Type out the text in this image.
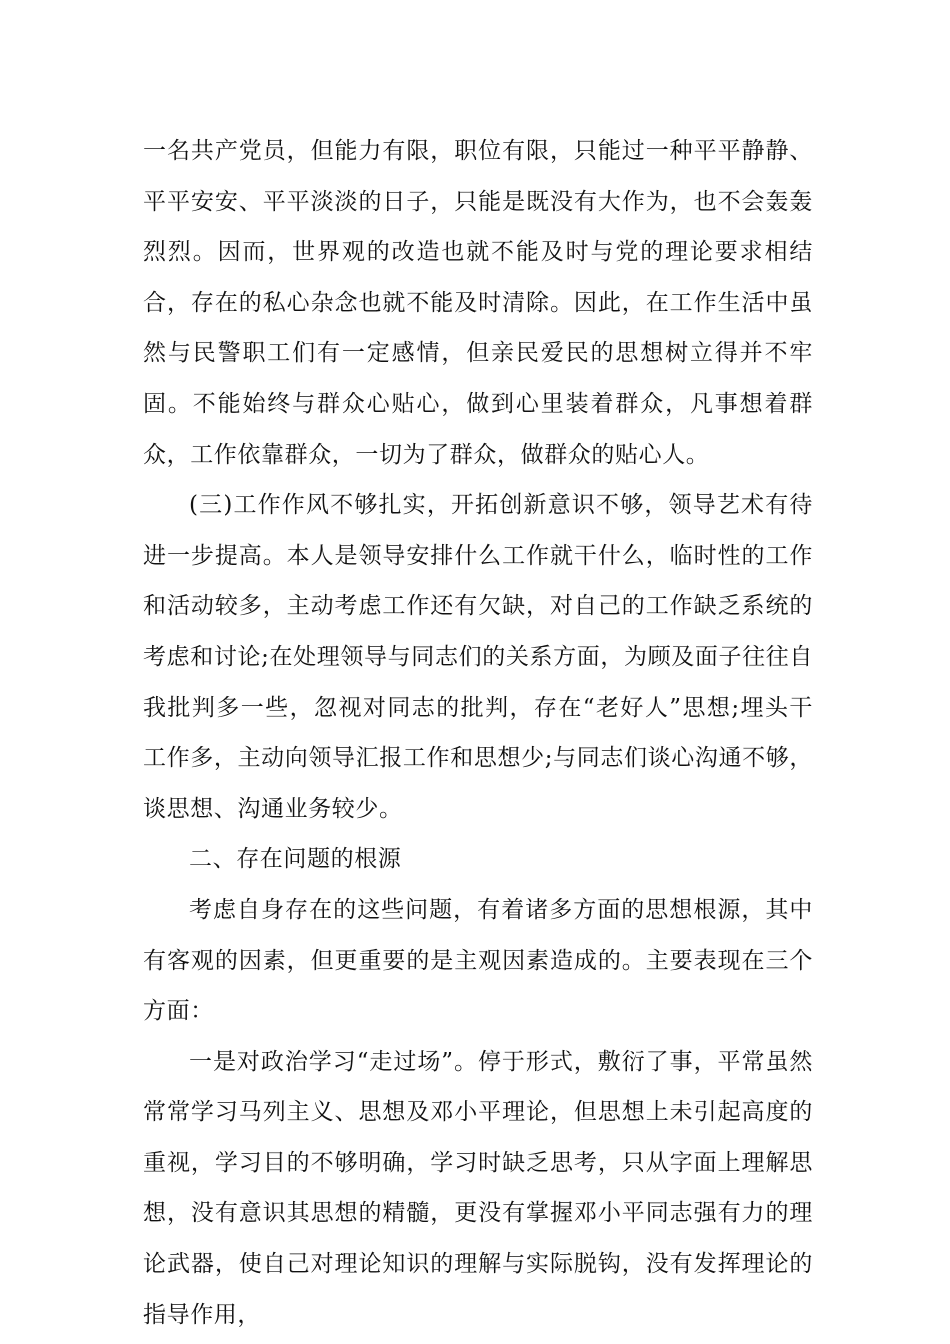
一名共产党员，但能力有限，职位有限，只能过一种平平静静、平平安安、平平淡淡的日子，只能是既没有大作为，也不会轰轰烈烈。因而，世界观的改造也就不能及时与党的理论要求相结合，存在的私心杂念也就不能及时清除。因此，在工作生活中虽然与民警职工们有一定感情，但亲民爱民的思想树立得并不牢固。不能始终与群众心贴心，做到心里装着群众，凡事想着群众，工作依靠群众，一切为了群众，做群众的贴心人。

(三)工作作风不够扎实，开拓创新意识不够，领导艺术有待进一步提高。本人是领导安排什么工作就干什么，临时性的工作和活动较多，主动考虑工作还有欠缺，对自己的工作缺乏系统的考虑和讨论;在处理领导与同志们的关系方面，为顾及面子往往自我批判多一些，忽视对同志的批判，存在“老好人”思想;埋头干工作多，主动向领导汇报工作和思想少;与同志们谈心沟通不够，谈思想、沟通业务较少。

二、存在问题的根源

考虑自身存在的这些问题，有着诸多方面的思想根源，其中有客观的因素，但更重要的是主观因素造成的。主要表现在三个方面：

一是对政治学习“走过场”。停于形式，敷衍了事，平常虽然常常学习马列主义、思想及邓小平理论，但思想上未引起高度的重视，学习目的不够明确，学习时缺乏思考，只从字面上理解思想，没有意识其思想的精髓，更没有掌握邓小平同志强有力的理论武器，使自己对理论知识的理解与实际脱钩，没有发挥理论的指导作用，
